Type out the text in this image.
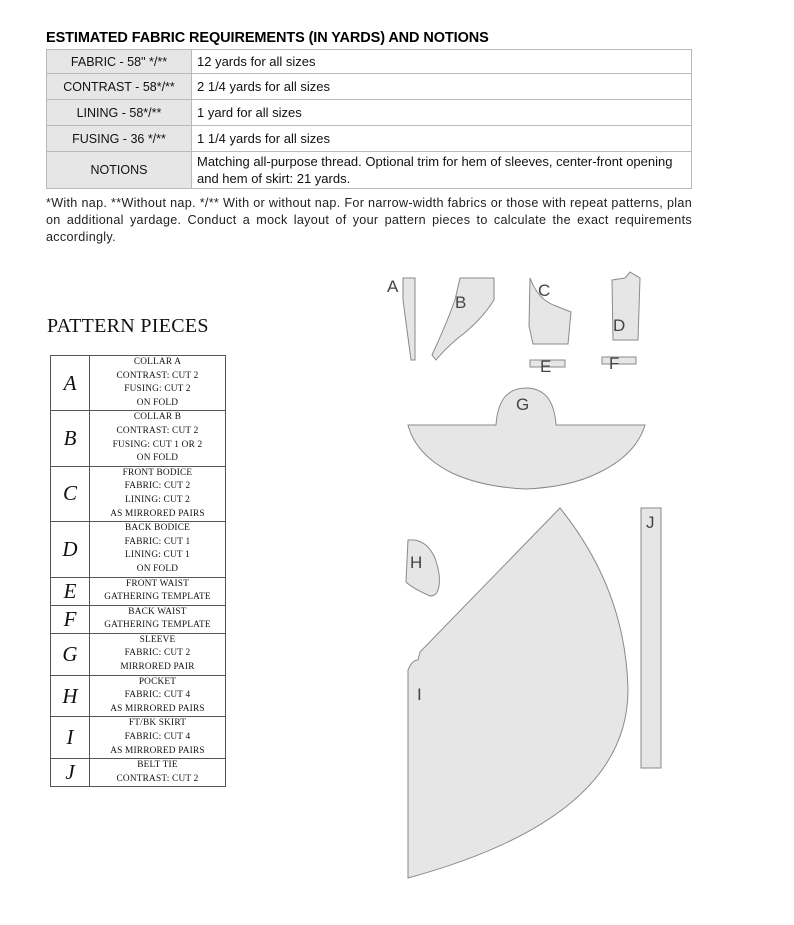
ESTIMATED FABRIC REQUIREMENTS (IN YARDS) AND NOTIONS
FABRIC - 58" */**	12 yards for all sizes
CONTRAST - 58*/**	2 1/4 yards for all sizes
LINING - 58*/**	1 yard for all sizes
FUSING - 36 */**	1 1/4 yards for all sizes
NOTIONS	Matching all-purpose thread. Optional trim for hem of sleeves, center-front opening
and hem of skirt: 21 yards.
*With nap. **Without nap. */** With or without nap. For narrow-width fabrics or those with repeat patterns, plan on additional yardage. Conduct a mock layout of your pattern pieces to calculate the exact requirements accordingly.
PATTERN PIECES
A	COLLAR A
CONTRAST: CUT 2
FUSING: CUT 2
ON FOLD

B	COLLAR B
CONTRAST: CUT 2
FUSING: CUT 1 OR 2
ON FOLD

C	FRONT BODICE
FABRIC: CUT 2
LINING: CUT 2
AS MIRRORED PAIRS

D	BACK BODICE
FABRIC: CUT 1
LINING: CUT 1
ON FOLD

E	FRONT WAIST
GATHERING TEMPLATE

F	BACK WAIST
GATHERING TEMPLATE

G	SLEEVE
FABRIC: CUT 2
MIRRORED PAIR

H	POCKET
FABRIC: CUT 4
AS MIRRORED PAIRS

I	FT/BK SKIRT
FABRIC: CUT 4
AS MIRRORED PAIRS

J	BELT TIE
CONTRAST: CUT 2
A
B
C
D
E	F
G
H
I
J
